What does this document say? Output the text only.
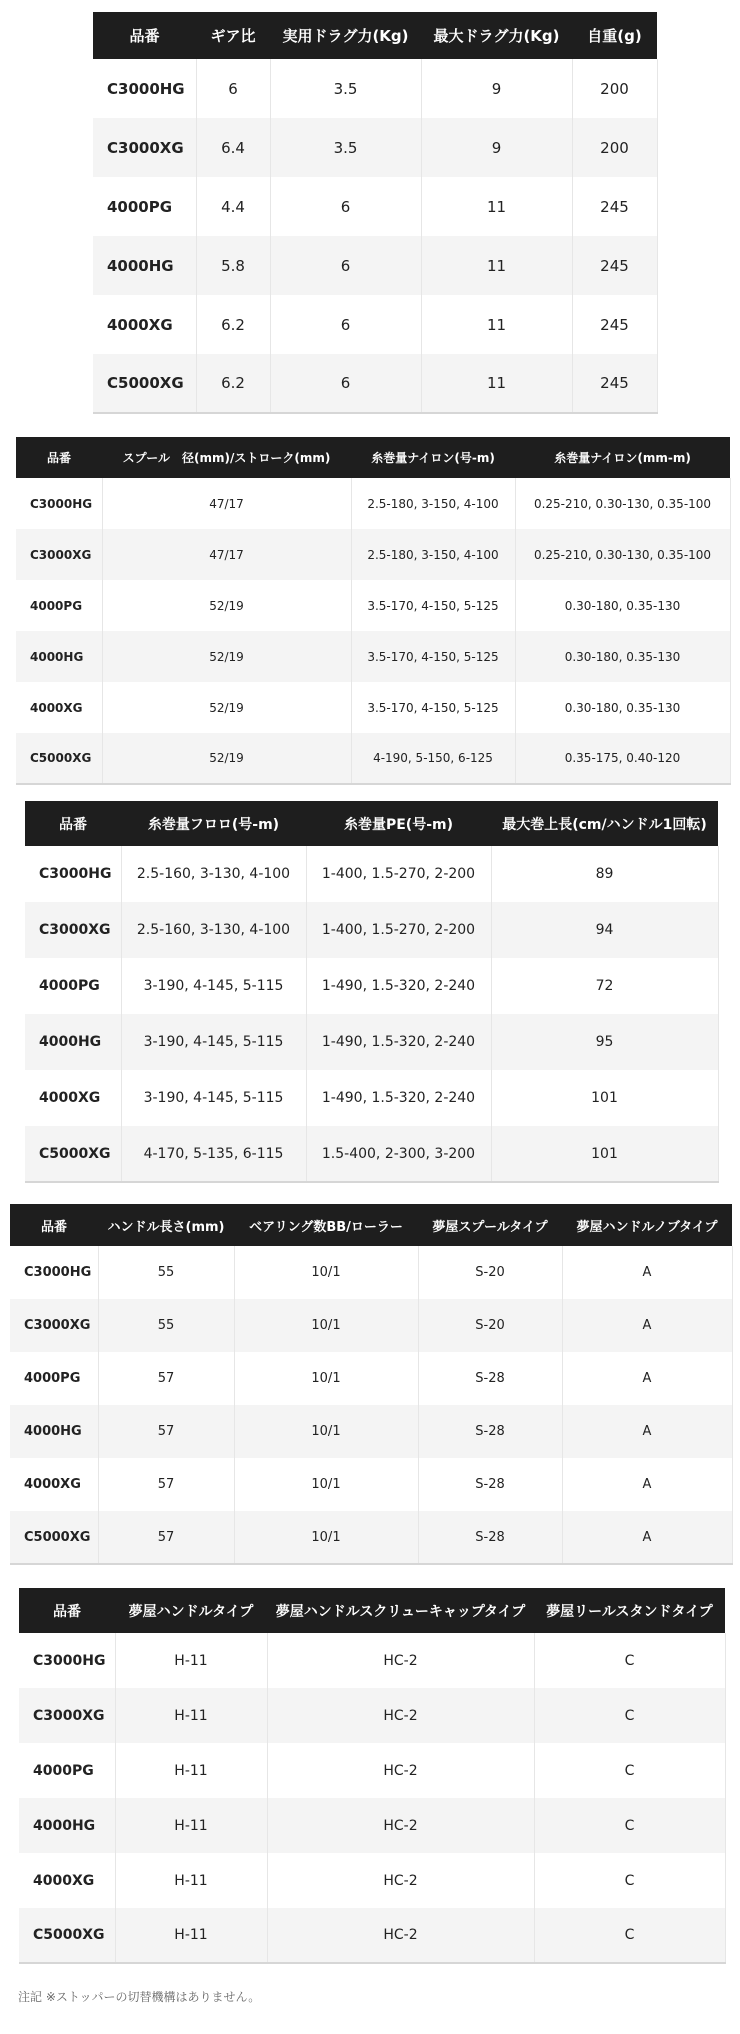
品番	ギア比	実用ドラグ力(Kg)	最大ドラグ力(Kg)	自重(g)
C3000HG	6	3.5	9	200
C3000XG	6.4	3.5	9	200
4000PG	4.4	6	11	245
4000HG	5.8	6	11	245
4000XG	6.2	6	11	245
C5000XG	6.2	6	11	245
品番	スプール　径(mm)/ストローク(mm)	糸巻量ナイロン(号-m)	糸巻量ナイロン(mm-m)
C3000HG	47/17	2.5-180, 3-150, 4-100	0.25-210, 0.30-130, 0.35-100
C3000XG	47/17	2.5-180, 3-150, 4-100	0.25-210, 0.30-130, 0.35-100
4000PG	52/19	3.5-170, 4-150, 5-125	0.30-180, 0.35-130
4000HG	52/19	3.5-170, 4-150, 5-125	0.30-180, 0.35-130
4000XG	52/19	3.5-170, 4-150, 5-125	0.30-180, 0.35-130
C5000XG	52/19	4-190, 5-150, 6-125	0.35-175, 0.40-120
品番	糸巻量フロロ(号-m)	糸巻量PE(号-m)	最大巻上長(cm/ハンドル1回転)
C3000HG	2.5-160, 3-130, 4-100	1-400, 1.5-270, 2-200	89
C3000XG	2.5-160, 3-130, 4-100	1-400, 1.5-270, 2-200	94
4000PG	3-190, 4-145, 5-115	1-490, 1.5-320, 2-240	72
4000HG	3-190, 4-145, 5-115	1-490, 1.5-320, 2-240	95
4000XG	3-190, 4-145, 5-115	1-490, 1.5-320, 2-240	101
C5000XG	4-170, 5-135, 6-115	1.5-400, 2-300, 3-200	101
品番	ハンドル長さ(mm)	ベアリング数BB/ローラー	夢屋スプールタイプ	夢屋ハンドルノブタイプ
C3000HG	55	10/1	S-20	A
C3000XG	55	10/1	S-20	A
4000PG	57	10/1	S-28	A
4000HG	57	10/1	S-28	A
4000XG	57	10/1	S-28	A
C5000XG	57	10/1	S-28	A
品番	夢屋ハンドルタイプ	夢屋ハンドルスクリューキャップタイプ	夢屋リールスタンドタイプ
C3000HG	H-11	HC-2	C
C3000XG	H-11	HC-2	C
4000PG	H-11	HC-2	C
4000HG	H-11	HC-2	C
4000XG	H-11	HC-2	C
C5000XG	H-11	HC-2	C
注記 ※ストッパーの切替機構はありません。
